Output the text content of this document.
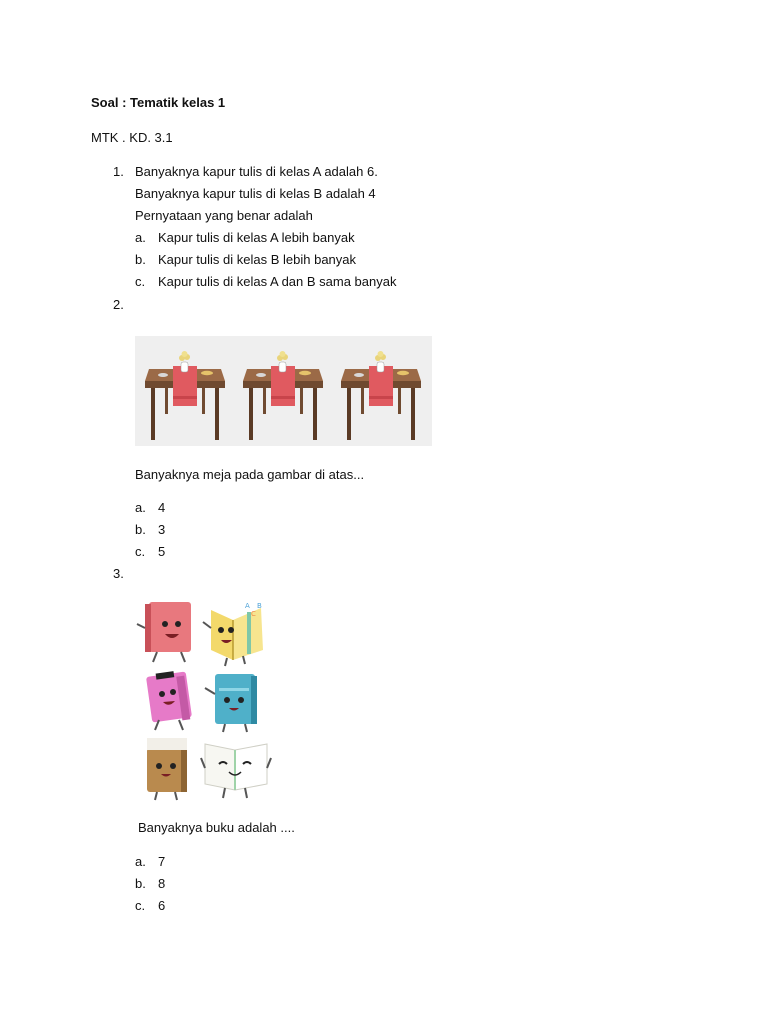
Soal : Tematik kelas 1
MTK . KD. 3.1
1. Banyaknya kapur tulis di kelas A adalah 6.
Banyaknya kapur tulis di kelas B adalah 4
Pernyataan yang benar adalah
a. Kapur tulis di kelas A lebih banyak
b. Kapur tulis di kelas B lebih banyak
c. Kapur tulis di kelas A dan B sama banyak
2.
Banyaknya meja pada gambar di atas...
a. 4
b. 3
c. 5
3.
A B
C
Banyaknya buku adalah ....
a. 7
b. 8
c. 6
